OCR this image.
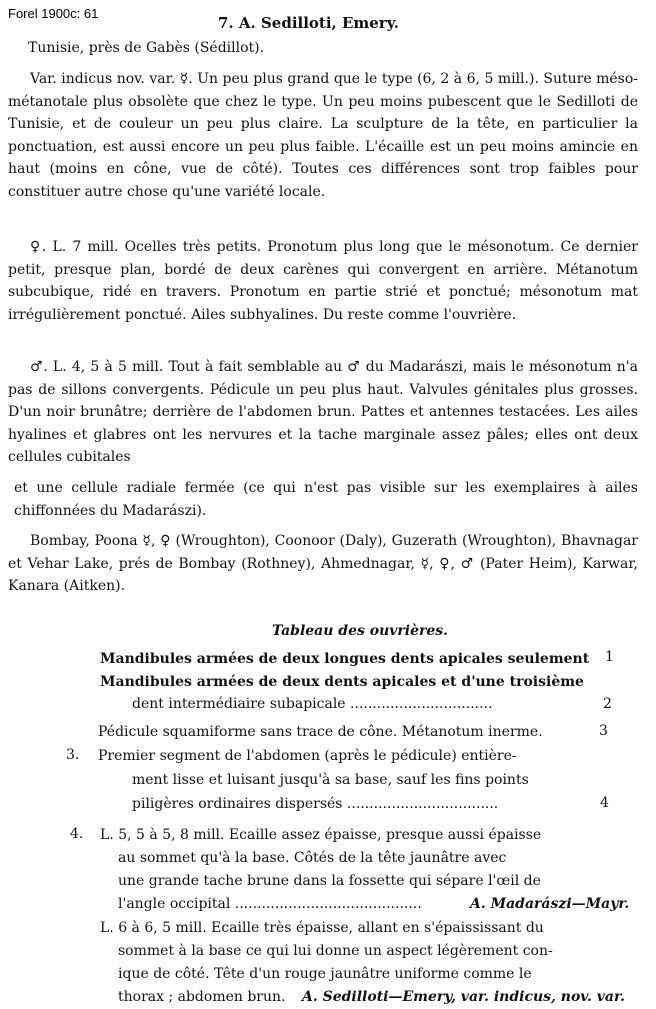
Forel 1900c: 61
7. A. Sedilloti, Emery.
Tunisie, près de Gabès (Sédillot).
Var. indicus nov. var. ☿. Un peu plus grand que le type (6, 2 à 6, 5 mill.). Suture méso-métanotale plus obsolète que chez le type. Un peu moins pubescent que le Sedilloti de Tunisie, et de couleur un peu plus claire. La sculpture de la tête, en particulier la ponctuation, est aussi encore un peu plus faible. L'écaille est un peu moins amincie en haut (moins en cône, vue de côté). Toutes ces différences sont trop faibles pour constituer autre chose qu'une variété locale.
♀. L. 7 mill. Ocelles très petits. Pronotum plus long que le mésonotum. Ce dernier petit, presque plan, bordé de deux carènes qui convergent en arrière. Métanotum subcubique, ridé en travers. Pronotum en partie strié et ponctué; mésonotum mat irrégulièrement ponctué. Ailes subhyalines. Du reste comme l'ouvrière.
♂. L. 4, 5 à 5 mill. Tout à fait semblable au ♂ du Madarászi, mais le mésonotum n'a pas de sillons convergents. Pédicule un peu plus haut. Valvules génitales plus grosses. D'un noir brunâtre; derrière de l'abdomen brun. Pattes et antennes testacées. Les ailes hyalines et glabres ont les nervures et la tache marginale assez pâles; elles ont deux cellules cubitales
et une cellule radiale fermée (ce qui n'est pas visible sur les exemplaires à ailes chiffonnées du Madarászi).
Bombay, Poona ☿, ♀ (Wroughton), Coonoor (Daly), Guzerath (Wroughton), Bhavnagar et Vehar Lake, prés de Bombay (Rothney), Ahmednagar, ☿, ♀, ♂ (Pater Heim), Karwar, Kanara (Aitken).
Tableau des ouvrières.
Mandibules armées de deux longues dents apicales seulement 1
Mandibules armées de deux dents apicales et d'une troisième
dent intermédiaire subapicale ................................	2
Pédicule squamiforme sans trace de cône. Métanotum inerme.	3
3. Premier segment de l'abdomen (après le pédicule) entière-
ment lisse et luisant jusqu'à sa base, sauf les fins points
piligères ordinaires dispersés ..................................	4
4. L. 5, 5 à 5, 8 mill. Ecaille assez épaisse, presque aussi épaisse
au sommet qu'à la base. Côtés de la tête jaunâtre avec
une grande tache brune dans la fossette qui sépare l'œil de
l'angle occipital ..........................................	A. Madarászi—Mayr.
L. 6 à 6, 5 mill. Ecaille très épaisse, allant en s'épaississant du
sommet à la base ce qui lui donne un aspect légèrement con-
ique de côté. Tête d'un rouge jaunâtre uniforme comme le
thorax ; abdomen brun. A. Sedilloti—Emery, var. indicus, nov. var.
